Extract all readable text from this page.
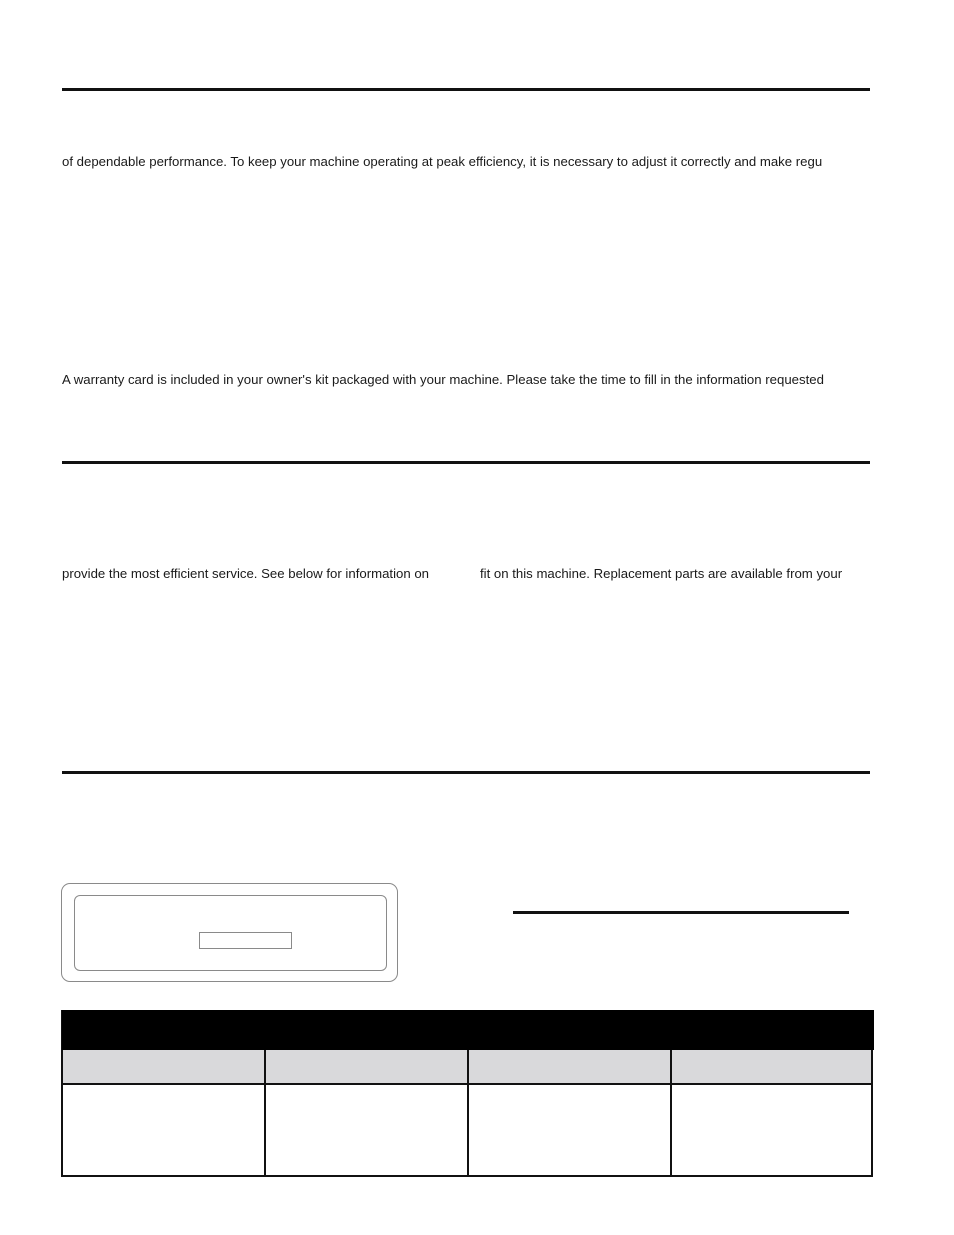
of dependable performance. To keep your machine operating at peak efficiency, it is necessary to adjust it correctly and make regu
A warranty card is included in your owner's kit packaged with your machine. Please take the time to fill in the information requested
provide the most efficient service. See below for information on	fit on this machine. Replacement parts are available from your
